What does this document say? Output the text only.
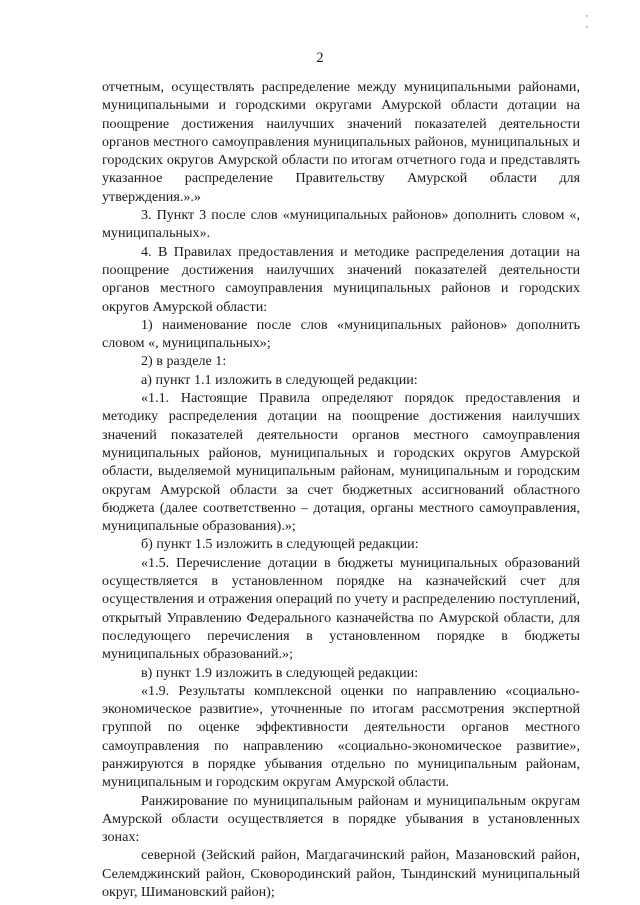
' '
2

отчетным, осуществлять распределение между муниципальными районами, муниципальными и городскими округами Амурской области дотации на поощрение достижения наилучших значений показателей деятельности органов местного самоуправления муниципальных районов, муниципальных и городских округов Амурской области по итогам отчетного года и представлять указанное распределение Правительству Амурской области для утверждения.».»

3. Пункт 3 после слов «муниципальных районов» дополнить словом «, муниципальных».

4. В Правилах предоставления и методике распределения дотации на поощрение достижения наилучших значений показателей деятельности органов местного самоуправления муниципальных районов и городских округов Амурской области:

1) наименование после слов «муниципальных районов» дополнить словом «, муниципальных»;

2) в разделе 1:

а) пункт 1.1 изложить в следующей редакции:

«1.1. Настоящие Правила определяют порядок предоставления и методику распределения дотации на поощрение достижения наилучших значений показателей деятельности органов местного самоуправления муниципальных районов, муниципальных и городских округов Амурской области, выделяемой муниципальным районам, муниципальным и городским округам Амурской области за счет бюджетных ассигнований областного бюджета (далее соответственно – дотация, органы местного самоуправления, муниципальные образования).»;

б) пункт 1.5 изложить в следующей редакции:

«1.5. Перечисление дотации в бюджеты муниципальных образований осуществляется в установленном порядке на казначейский счет для осуществления и отражения операций по учету и распределению поступлений, открытый Управлению Федерального казначейства по Амурской области, для последующего перечисления в установленном порядке в бюджеты муниципальных образований.»;

в) пункт 1.9 изложить в следующей редакции:

«1.9. Результаты комплексной оценки по направлению «социально-экономическое развитие», уточненные по итогам рассмотрения экспертной группой по оценке эффективности деятельности органов местного самоуправления по направлению «социально-экономическое развитие», ранжируются в порядке убывания отдельно по муниципальным районам, муниципальным и городским округам Амурской области.

Ранжирование по муниципальным районам и муниципальным округам Амурской области осуществляется в порядке убывания в установленных зонах:

северной (Зейский район, Магдагачинский район, Мазановский район, Селемджинский район, Сковородинский район, Тындинский муниципальный округ, Шимановский район);
